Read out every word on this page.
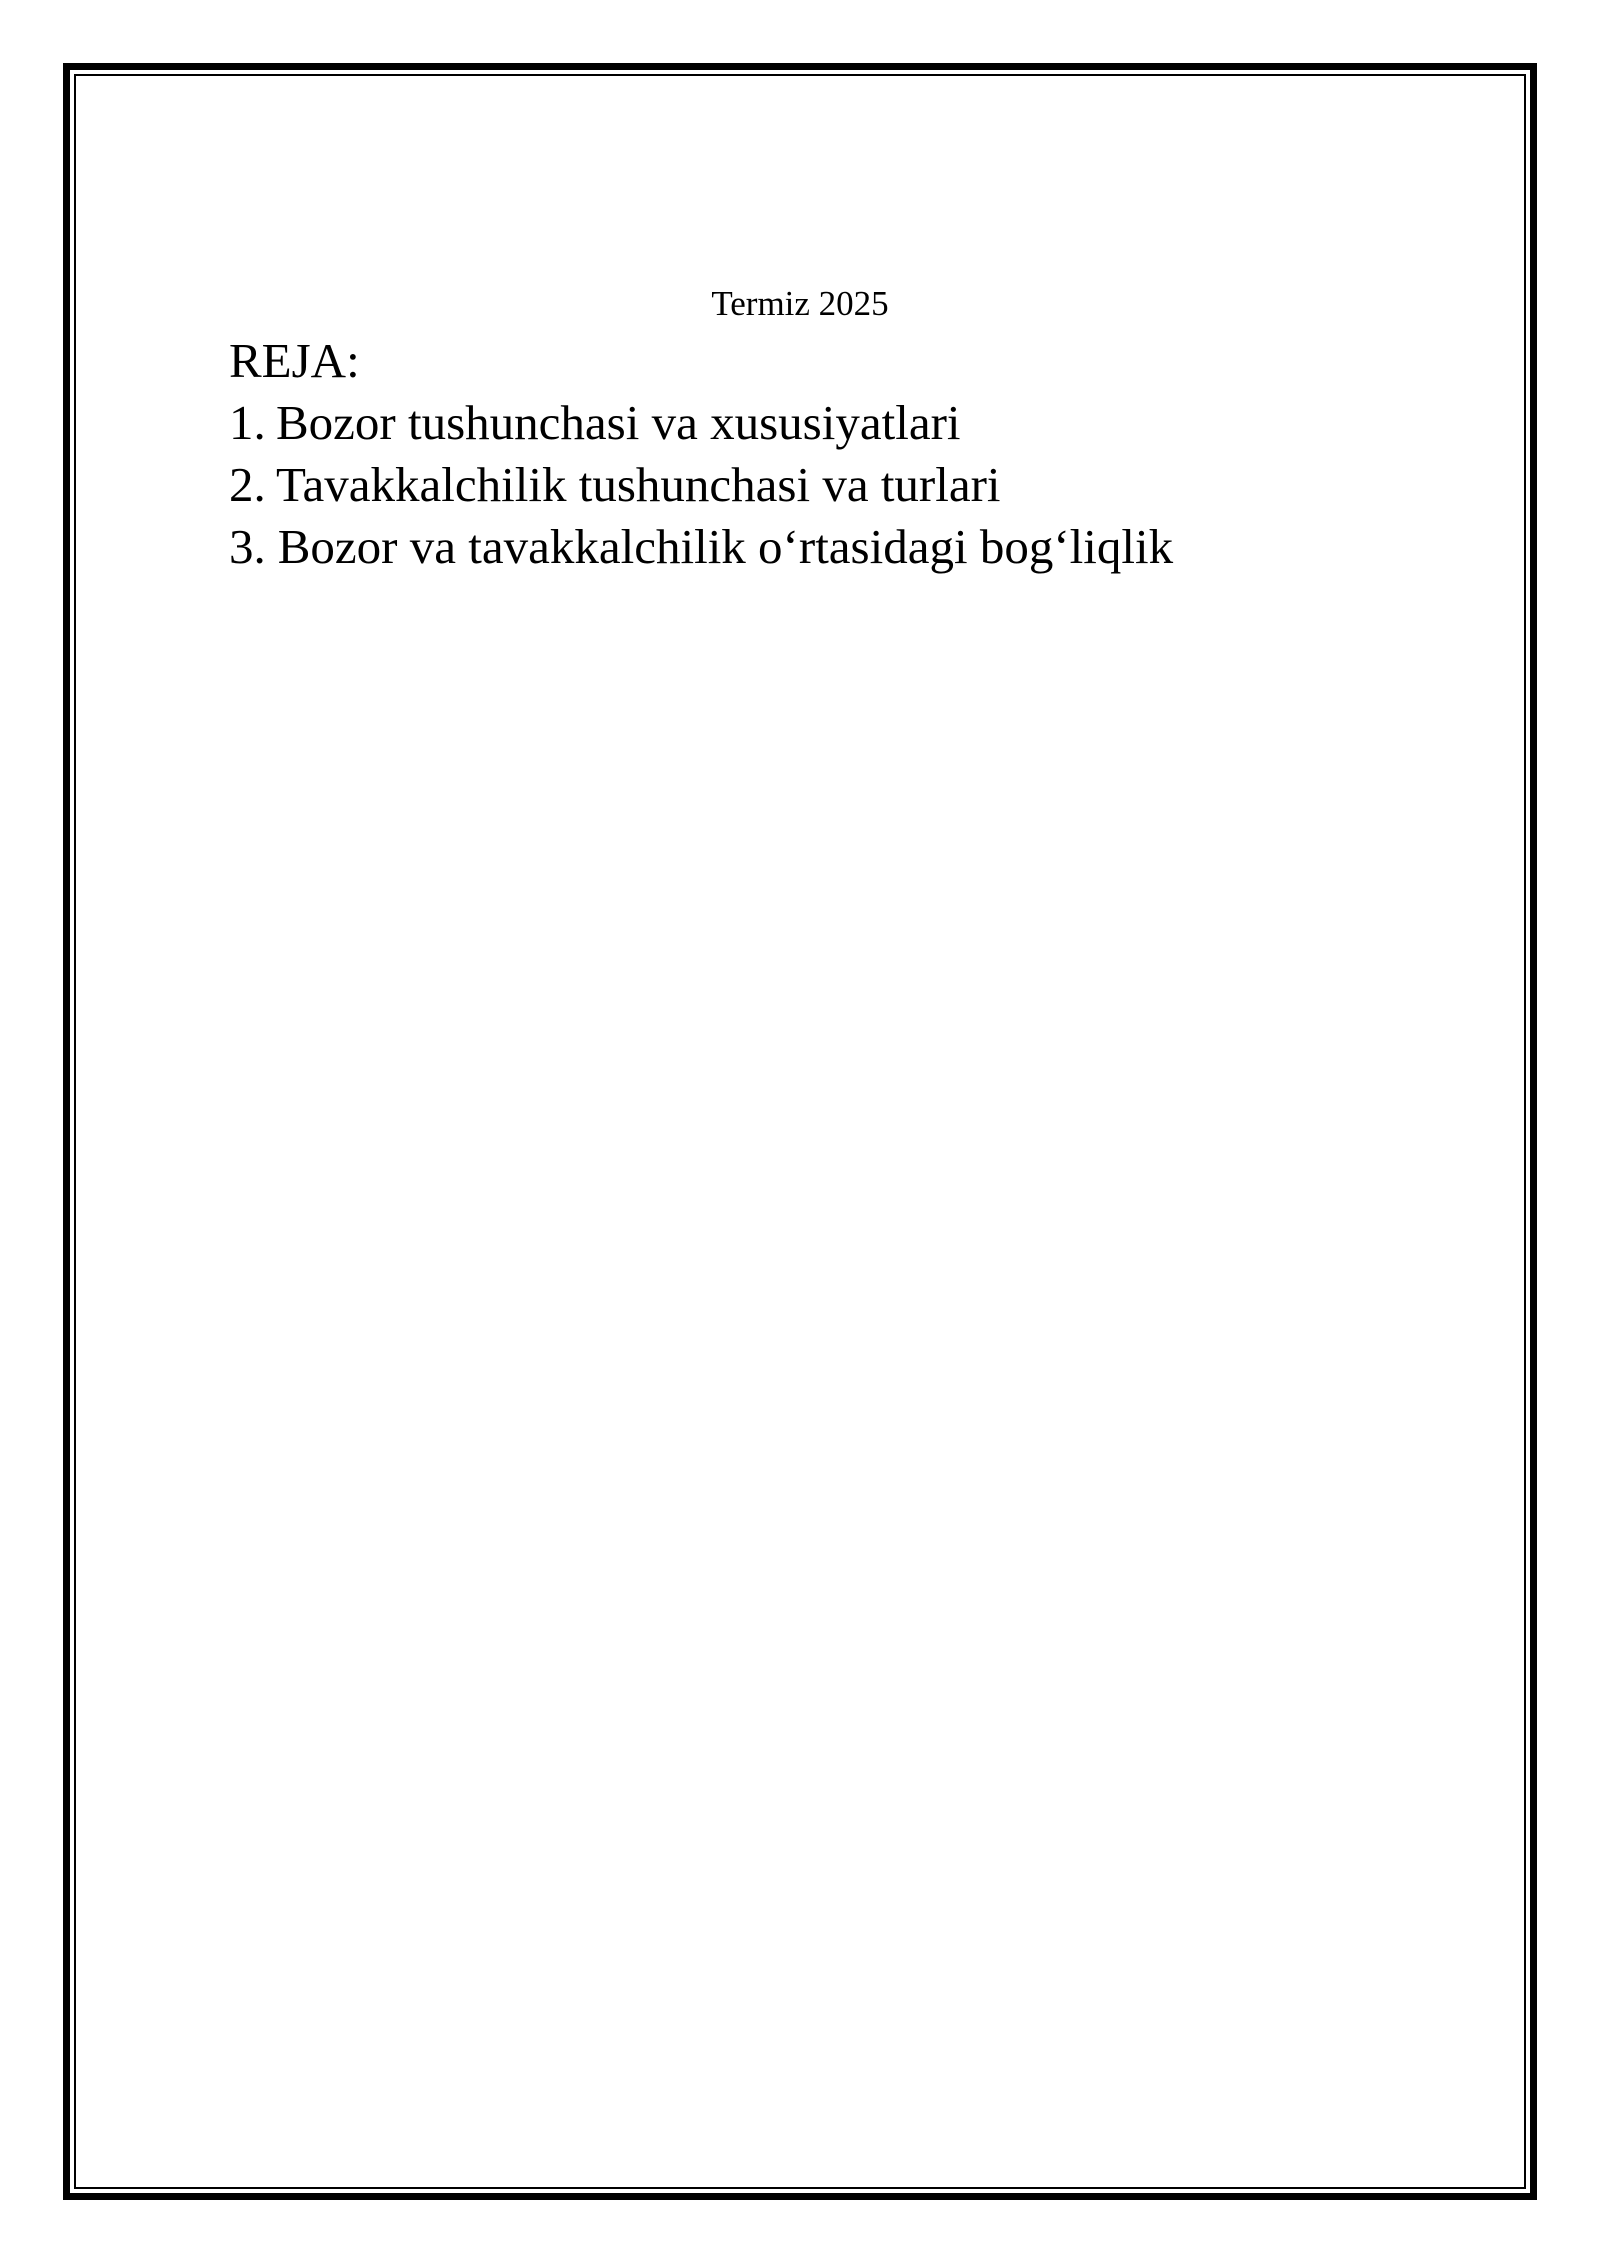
Termiz 2025
REJA:
1. Bozor tushunchasi va xususiyatlari
2. Tavakkalchilik tushunchasi va turlari
3. Bozor va tavakkalchilik o‘rtasidagi bog‘liqlik
